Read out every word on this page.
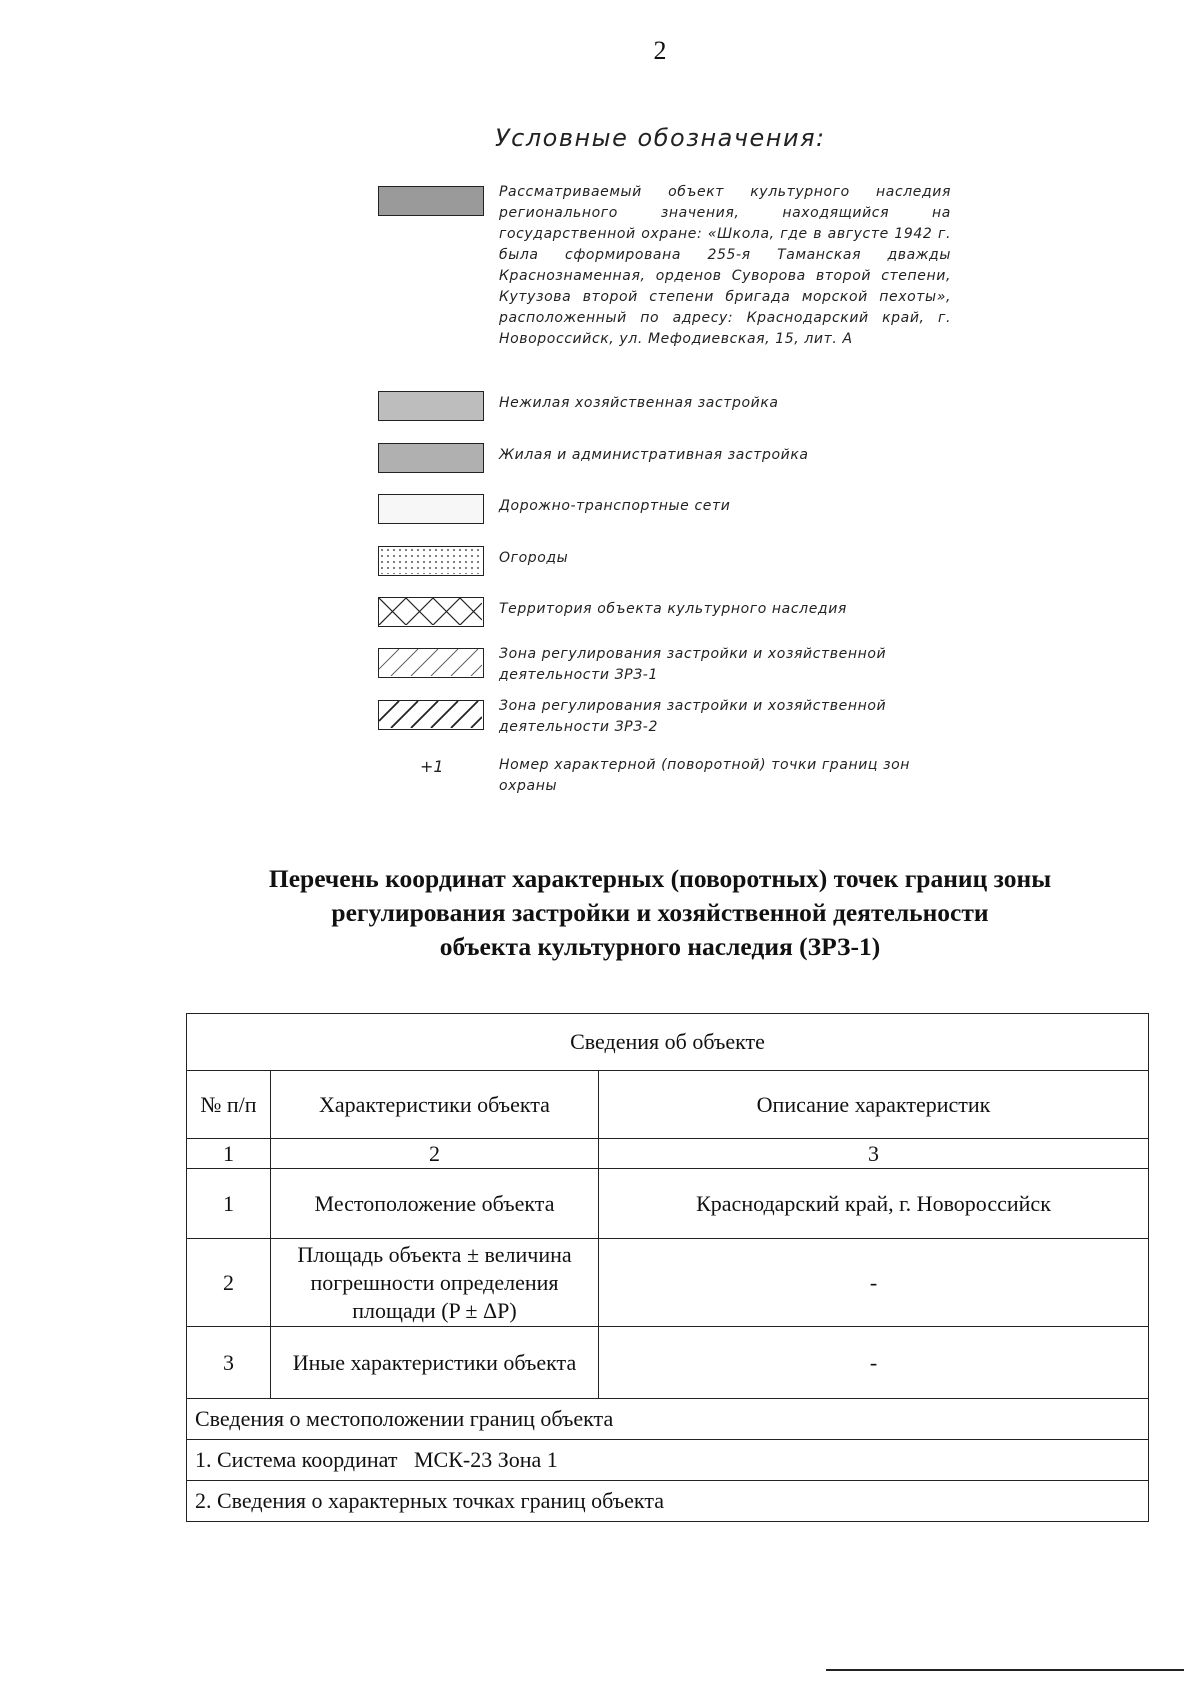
2
Условные обозначения:
Рассматриваемый объект культурного наследия регионального значения, находящийся на государственной охране: «Школа, где в августе 1942 г. была сформирована 255-я Таманская дважды Краснознаменная, орденов Суворова второй степени, Кутузова второй степени бригада морской пехоты», расположенный по адресу: Краснодарский край, г. Новороссийск, ул. Мефодиевская, 15, лит. А
Нежилая хозяйственная застройка
Жилая и административная застройка
Дорожно-транспортные сети
Огороды
Территория объекта культурного наследия
Зона регулирования застройки и хозяйственной деятельности ЗРЗ-1
Зона регулирования застройки и хозяйственной деятельности ЗРЗ-2
+1	Номер характерной (поворотной) точки границ зон охраны
Перечень координат характерных (поворотных) точек границ зоны
регулирования застройки и хозяйственной деятельности
объекта культурного наследия (ЗРЗ-1)
Сведения об объекте		
№ п/п	Характеристики объекта	Описание характеристик
1	2	3
1	Местоположение объекта	Краснодарский край, г. Новороссийск
2	Площадь объекта ± величина погрешности определения площади (P ± ΔP)	-
3	Иные характеристики объекта	-
Сведения о местоположении границ объекта		
1. Система координат   МСК-23 Зона 1		
2. Сведения о характерных точках границ объекта		
